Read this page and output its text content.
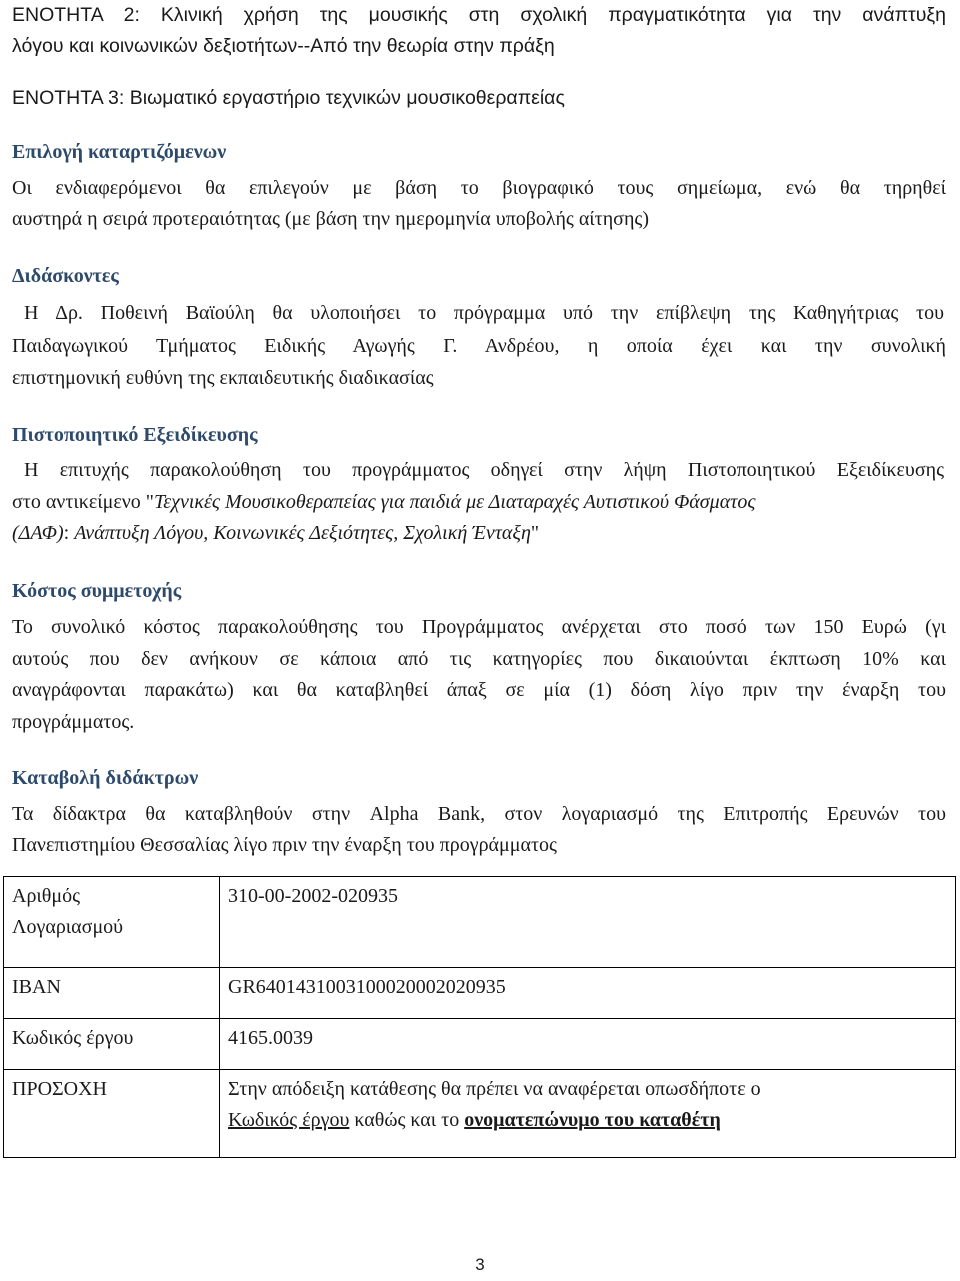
ΕΝΟΤΗΤΑ 2: Κλινική χρήση της μουσικής στη σχολική πραγματικότητα για την ανάπτυξη
λόγου και κοινωνικών δεξιοτήτων--Από την θεωρία στην πράξη
ΕΝΟΤΗΤΑ 3: Βιωματικό εργαστήριο τεχνικών μουσικοθεραπείας
Επιλογή καταρτιζόμενων
Οι ενδιαφερόμενοι θα επιλεγούν με βάση το βιογραφικό τους σημείωμα, ενώ θα τηρηθεί
αυστηρά η σειρά προτεραιότητας (με βάση την ημερομηνία υποβολής αίτησης)
Διδάσκοντες
Η Δρ. Ποθεινή Βαϊούλη θα υλοποιήσει το πρόγραμμα υπό την επίβλεψη της Καθηγήτριας του
Παιδαγωγικού Τμήματος Ειδικής Αγωγής Γ. Ανδρέου, η οποία έχει και την συνολική
επιστημονική ευθύνη της εκπαιδευτικής διαδικασίας
Πιστοποιητικό Εξειδίκευσης
Η επιτυχής παρακολούθηση του προγράμματος οδηγεί στην λήψη Πιστοποιητικού Εξειδίκευσης
στο αντικείμενο "Τεχνικές Μουσικοθεραπείας για παιδιά με Διαταραχές Αυτιστικού Φάσματος
(ΔΑΦ): Ανάπτυξη Λόγου, Κοινωνικές Δεξιότητες, Σχολική Ένταξη"
Κόστος συμμετοχής
Το συνολικό κόστος παρακολούθησης του Προγράμματος ανέρχεται στο ποσό των 150 Ευρώ (γι
αυτούς που δεν ανήκουν σε κάποια από τις κατηγορίες που δικαιούνται έκπτωση 10% και
αναγράφονται παρακάτω) και θα καταβληθεί άπαξ σε μία (1) δόση λίγο πριν την έναρξη του
προγράμματος.
Καταβολή διδάκτρων
Τα δίδακτρα θα καταβληθούν στην Alpha Bank, στον λογαριασμό της Επιτροπής Ερευνών του
Πανεπιστημίου Θεσσαλίας λίγο πριν την έναρξη του προγράμματος
Αριθμός
Λογαριασμού	310-00-2002-020935
IBAN	GR6401431003100020002020935
Κωδικός έργου	4165.0039
ΠΡΟΣΟΧΗ	Στην απόδειξη κατάθεσης θα πρέπει να αναφέρεται οπωσδήποτε ο
Κωδικός έργου καθώς και το ονοματεπώνυμο του καταθέτη
3
